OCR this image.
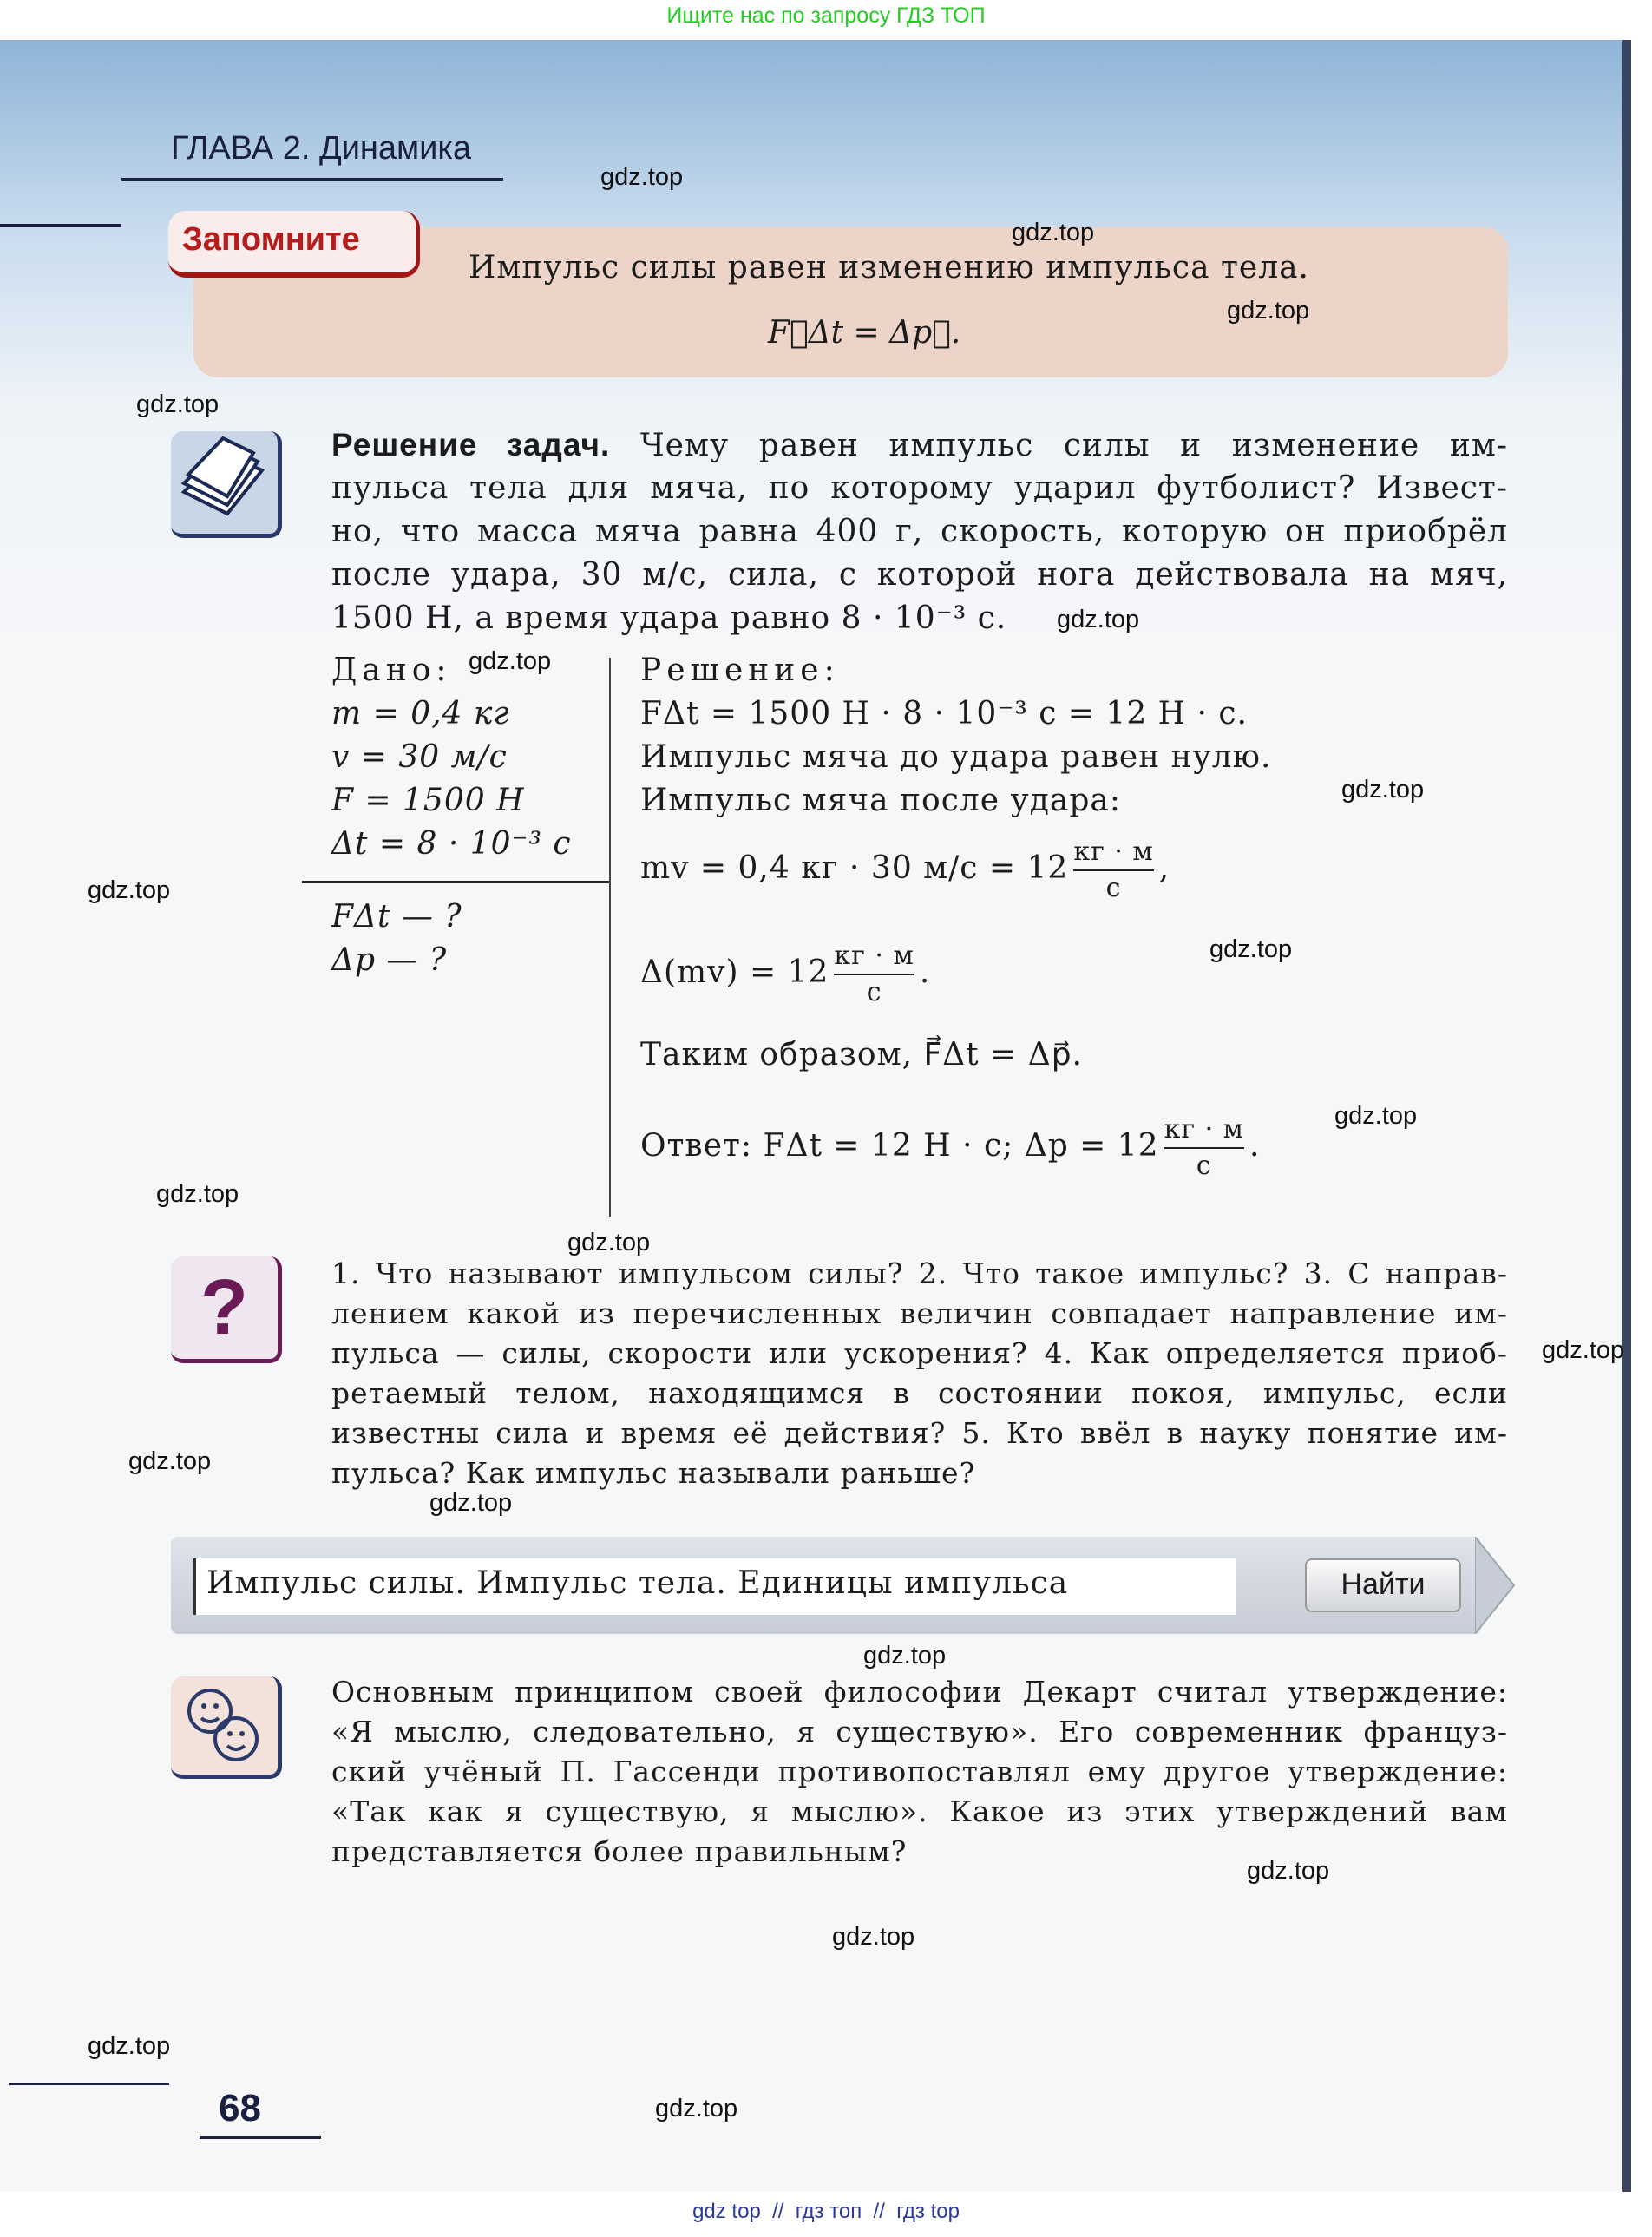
Ищите нас по запросу ГДЗ ТОП
ГЛАВА 2. Динамика
Запомните
Импульс силы равен изменению импульса тела.
F⃗Δt = Δp⃗.
Решение задач. Чему равен импульс силы и изменение им-
пульса тела для мяча, по которому ударил футболист? Извест-
но, что масса мяча равна 400 г, скорость, которую он приобрёл
после удара, 30 м/с, сила, с которой нога действовала на мяч,
1500 Н, а время удара равно 8 · 10⁻³ с.
Дано:
m = 0,4 кг
v = 30 м/с
F = 1500 Н
Δt = 8 · 10⁻³ с
FΔt — ?
Δp — ?
Решение:
FΔt = 1500 Н · 8 · 10⁻³ с = 12 Н · с.
Импульс мяча до удара равен нулю.
Импульс мяча после удара:
mv = 0,4 кг · 30 $м/с = 12 \frac{кг \cdot м}{с}$ ,
$\Delta(mv) = 12 \frac{кг \cdot м}{с}$ .
Таким образом, F⃗Δt = Δp⃗.
Ответ: FΔt = 12 Н · с; $\Delta p = 12 \frac{кг \cdot м}{с}$ .
?	1. Что называют импульсом силы? 2. Что такое импульс? 3. С направ-
лением какой из перечисленных величин совпадает направление им-
пульса — силы, скорости или ускорения? 4. Как определяется приоб-
ретаемый телом, находящимся в состоянии покоя, импульс, если
известны сила и время её действия? 5. Кто ввёл в науку понятие им-
пульса? Как импульс называли раньше?
Импульс силы. Импульс тела. Единицы импульса	Найти
Основным принципом своей философии Декарт считал утверждение:
«Я мыслю, следовательно, я существую». Его современник француз-
ский учёный П. Гассенди противопоставлял ему другое утверждение:
«Так как я существую, я мыслю». Какое из этих утверждений вам
представляется более правильным?
68
gdz.top
gdz.top
gdz.top
gdz.top
gdz.top
gdz.top
gdz.top
gdz.top
gdz.top
gdz.top
gdz.top
gdz.top
gdz.top
gdz.top
gdz.top
gdz.top
gdz.top
gdz.top
gdz.top
gdz.top
gdz top  //  гдз топ  //  гдз top
